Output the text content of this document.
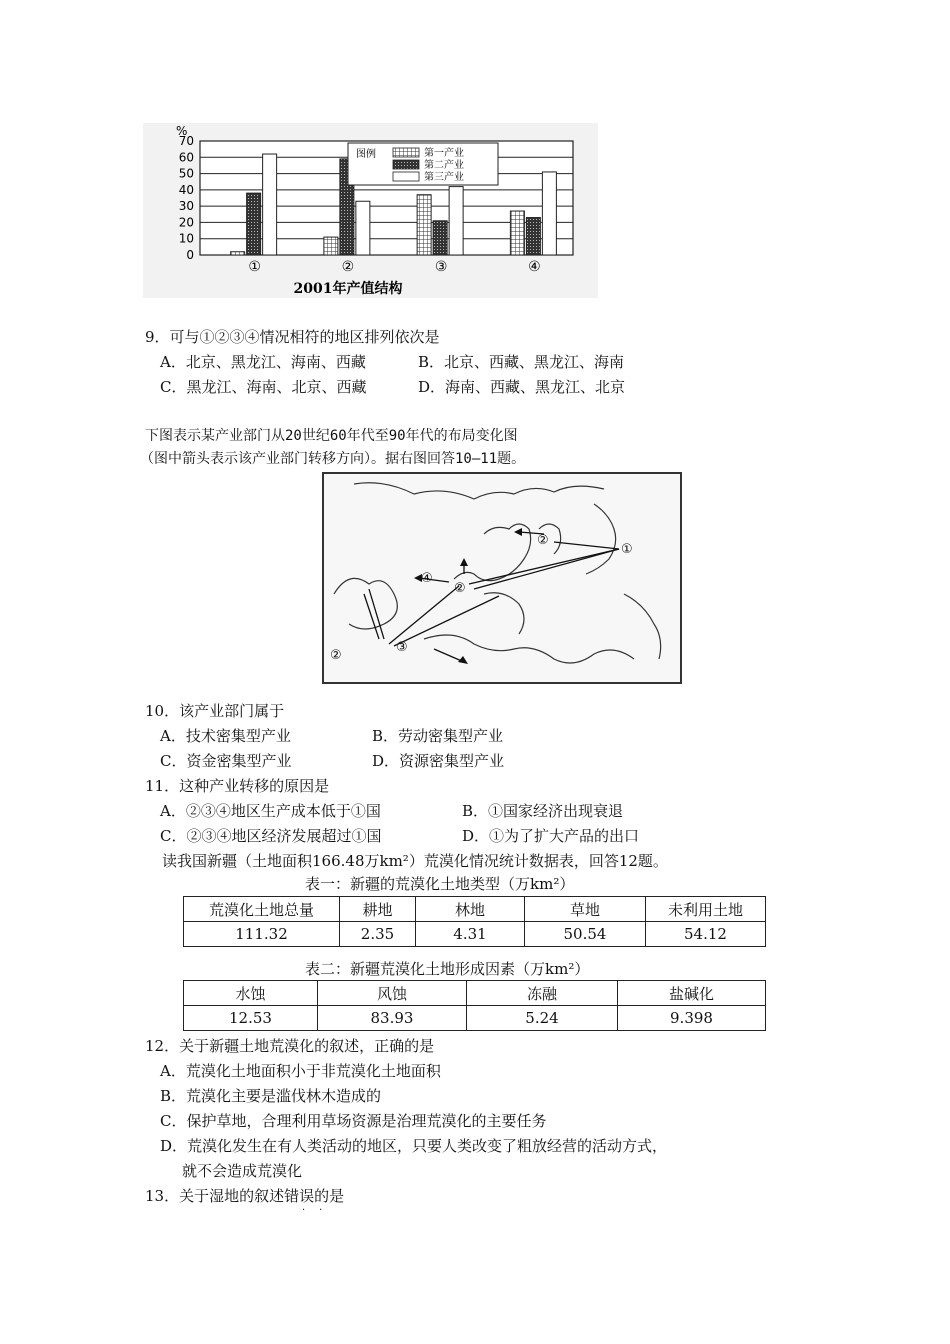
0
10
20
30
40
50
60
70
%
①	②	③	④
图例	第一产业
第二产业
第三产业
2001年产值结构
9．可与①②③④情况相符的地区排列依次是
A．北京、黑龙江、海南、西藏	B．北京、西藏、黑龙江、海南
C．黑龙江、海南、北京、西藏	D．海南、西藏、黑龙江、北京
下图表示某产业部门从20世纪60年代至90年代的布局变化图
（图中箭头表示该产业部门转移方向）。据右图回答10—11题。
①
②
②
③
④
②
10．该产业部门属于
A．技术密集型产业	B．劳动密集型产业
C．资金密集型产业	D．资源密集型产业
11．这种产业转移的原因是
A．②③④地区生产成本低于①国	B．①国家经济出现衰退
C．②③④地区经济发展超过①国	D．①为了扩大产品的出口
读我国新疆（土地面积166.48万km²）荒漠化情况统计数据表，回答12题。
表一：新疆的荒漠化土地类型（万km²）
荒漠化土地总量	耕地	林地	草地	未利用土地
111.32	2.35	4.31	50.54	54.12
表二：新疆荒漠化土地形成因素（万km²）
水蚀	风蚀	冻融	盐碱化
12.53	83.93	5.24	9.398
12．关于新疆土地荒漠化的叙述，正确的是
A．荒漠化土地面积小于非荒漠化土地面积
B．荒漠化主要是滥伐林木造成的
C．保护草地，合理利用草场资源是治理荒漠化的主要任务
D．荒漠化发生在有人类活动的地区，只要人类改变了粗放经营的活动方式，
就不会造成荒漠化
13．关于湿地的叙述错误的是
··
